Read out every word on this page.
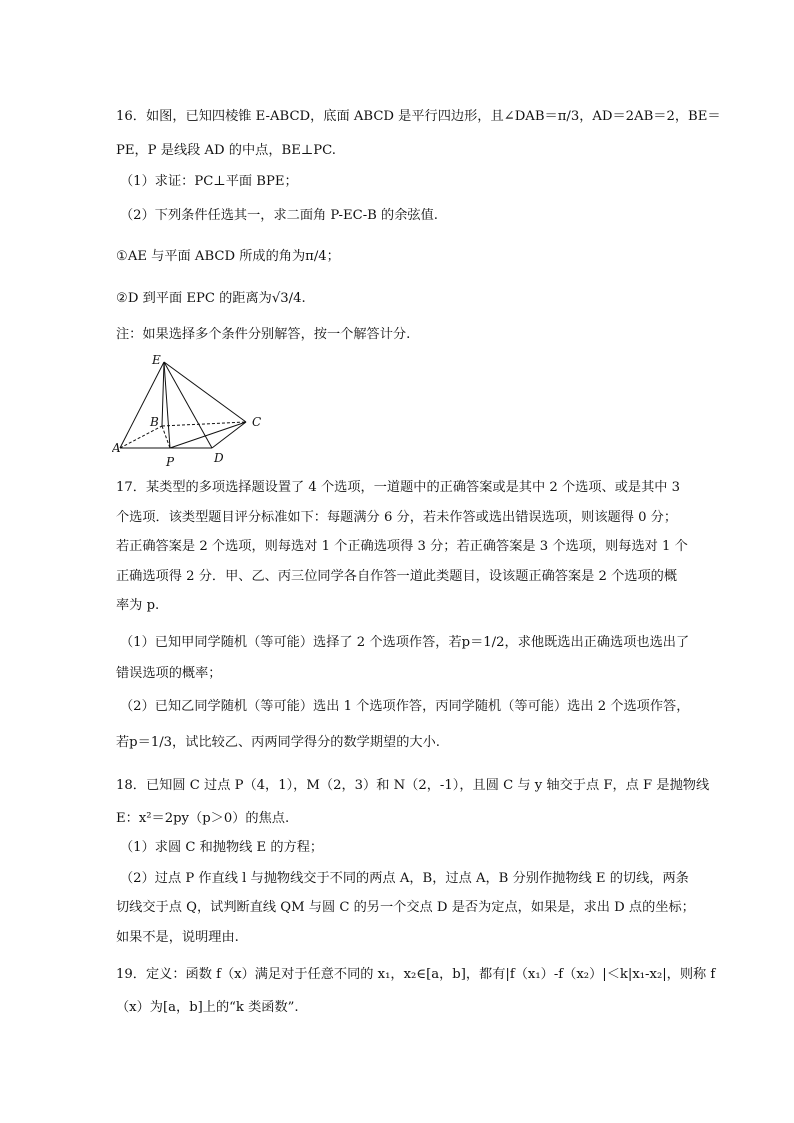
16．如图，已知四棱锥 E-ABCD，底面 ABCD 是平行四边形，且∠DAB＝π/3，AD＝2AB＝2，BE＝
PE，P 是线段 AD 的中点，BE⊥PC.
（1）求证：PC⊥平面 BPE；
（2）下列条件任选其一，求二面角 P-EC-B 的余弦值.
①AE 与平面 ABCD 所成的角为π/4；
②D 到平面 EPC 的距离为√3/4.
注：如果选择多个条件分别解答，按一个解答计分.
E
B	C
A
P	D
17．某类型的多项选择题设置了 4 个选项，一道题中的正确答案或是其中 2 个选项、或是其中 3
个选项．该类型题目评分标准如下：每题满分 6 分，若未作答或选出错误选项，则该题得 0 分；
若正确答案是 2 个选项，则每选对 1 个正确选项得 3 分；若正确答案是 3 个选项，则每选对 1 个
正确选项得 2 分．甲、乙、丙三位同学各自作答一道此类题目，设该题正确答案是 2 个选项的概
率为 p.
（1）已知甲同学随机（等可能）选择了 2 个选项作答，若p＝1/2，求他既选出正确选项也选出了
错误选项的概率；
（2）已知乙同学随机（等可能）选出 1 个选项作答，丙同学随机（等可能）选出 2 个选项作答，
若p＝1/3，试比较乙、丙两同学得分的数学期望的大小.
18．已知圆 C 过点 P（4，1），M（2，3）和 N（2，-1），且圆 C 与 y 轴交于点 F，点 F 是抛物线
E：x²＝2py（p＞0）的焦点.
（1）求圆 C 和抛物线 E 的方程；
（2）过点 P 作直线 l 与抛物线交于不同的两点 A，B，过点 A，B 分别作抛物线 E 的切线，两条
切线交于点 Q，试判断直线 QM 与圆 C 的另一个交点 D 是否为定点，如果是，求出 D 点的坐标；
如果不是，说明理由.
19．定义：函数 f（x）满足对于任意不同的 x₁，x₂∈[a，b]，都有|f（x₁）-f（x₂）|＜k|x₁-x₂|，则称 f
（x）为[a，b]上的“k 类函数”.
